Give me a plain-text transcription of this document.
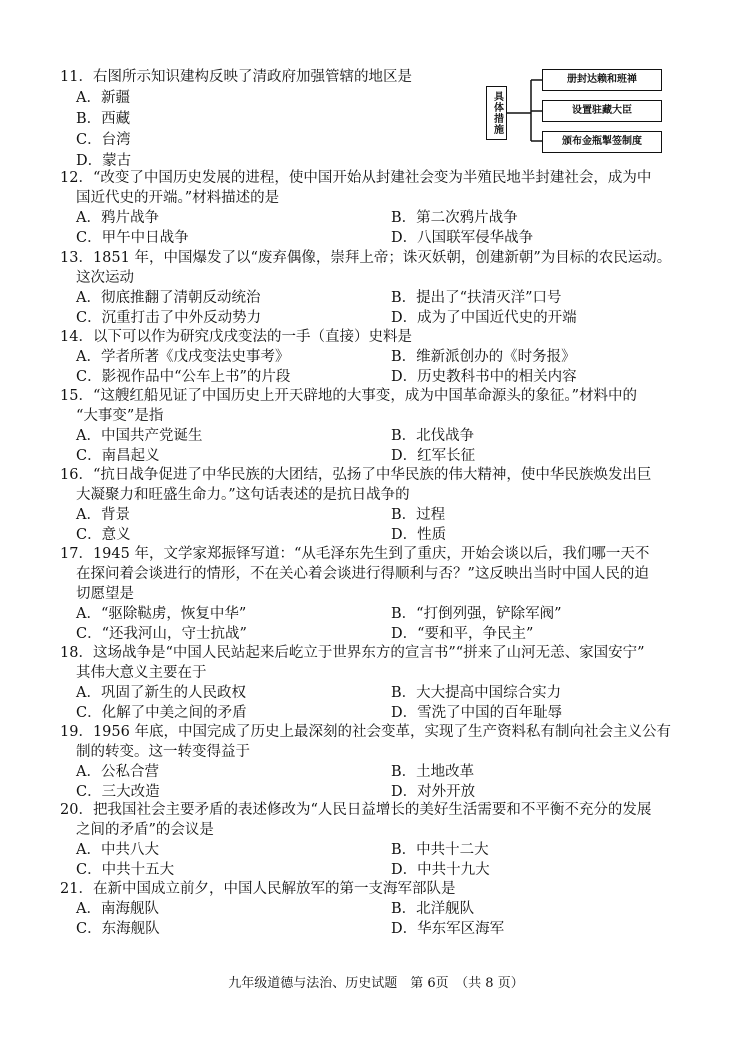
11．右图所示知识建构反映了清政府加强管辖的地区是
A．新疆
B．西藏
C．台湾
D．蒙古
具体措施
册封达赖和班禅
设置驻藏大臣
颁布金瓶掣签制度
12．“改变了中国历史发展的进程，使中国开始从封建社会变为半殖民地半封建社会，成为中
国近代史的开端。”材料描述的是
A．鸦片战争	B．第二次鸦片战争
C．甲午中日战争	D．八国联军侵华战争
13．1851 年，中国爆发了以“废弃偶像，崇拜上帝；诛灭妖朝，创建新朝”为目标的农民运动。
这次运动
A．彻底推翻了清朝反动统治	B．提出了“扶清灭洋”口号
C．沉重打击了中外反动势力	D．成为了中国近代史的开端
14．以下可以作为研究戊戌变法的一手（直接）史料是
A．学者所著《戊戌变法史事考》	B．维新派创办的《时务报》
C．影视作品中“公车上书”的片段	D．历史教科书中的相关内容
15．“这艘红船见证了中国历史上开天辟地的大事变，成为中国革命源头的象征。”材料中的
“大事变”是指
A．中国共产党诞生	B．北伐战争
C．南昌起义	D．红军长征
16．“抗日战争促进了中华民族的大团结，弘扬了中华民族的伟大精神，使中华民族焕发出巨
大凝聚力和旺盛生命力。”这句话表述的是抗日战争的
A．背景	B．过程
C．意义	D．性质
17．1945 年，文学家郑振铎写道：“从毛泽东先生到了重庆，开始会谈以后，我们哪一天不
在探问着会谈进行的情形，不在关心着会谈进行得顺利与否？”这反映出当时中国人民的迫
切愿望是
A．“驱除鞑虏，恢复中华”	B．“打倒列强，铲除军阀”
C．“还我河山，守士抗战”	D．“要和平，争民主”
18．这场战争是“中国人民站起来后屹立于世界东方的宣言书”“拼来了山河无恙、家国安宁”
其伟大意义主要在于
A．巩固了新生的人民政权	B．大大提高中国综合实力
C．化解了中美之间的矛盾	D．雪洗了中国的百年耻辱
19．1956 年底，中国完成了历史上最深刻的社会变革，实现了生产资料私有制向社会主义公有
制的转变。这一转变得益于
A．公私合营	B．土地改革
C．三大改造	D．对外开放
20．把我国社会主要矛盾的表述修改为“人民日益增长的美好生活需要和不平衡不充分的发展
之间的矛盾”的会议是
A．中共八大	B．中共十二大
C．中共十五大	D．中共十九大
21．在新中国成立前夕，中国人民解放军的第一支海军部队是
A．南海舰队	B．北洋舰队
C．东海舰队	D．华东军区海军
九年级道德与法治、历史试题　第 6页　（共 8 页）
